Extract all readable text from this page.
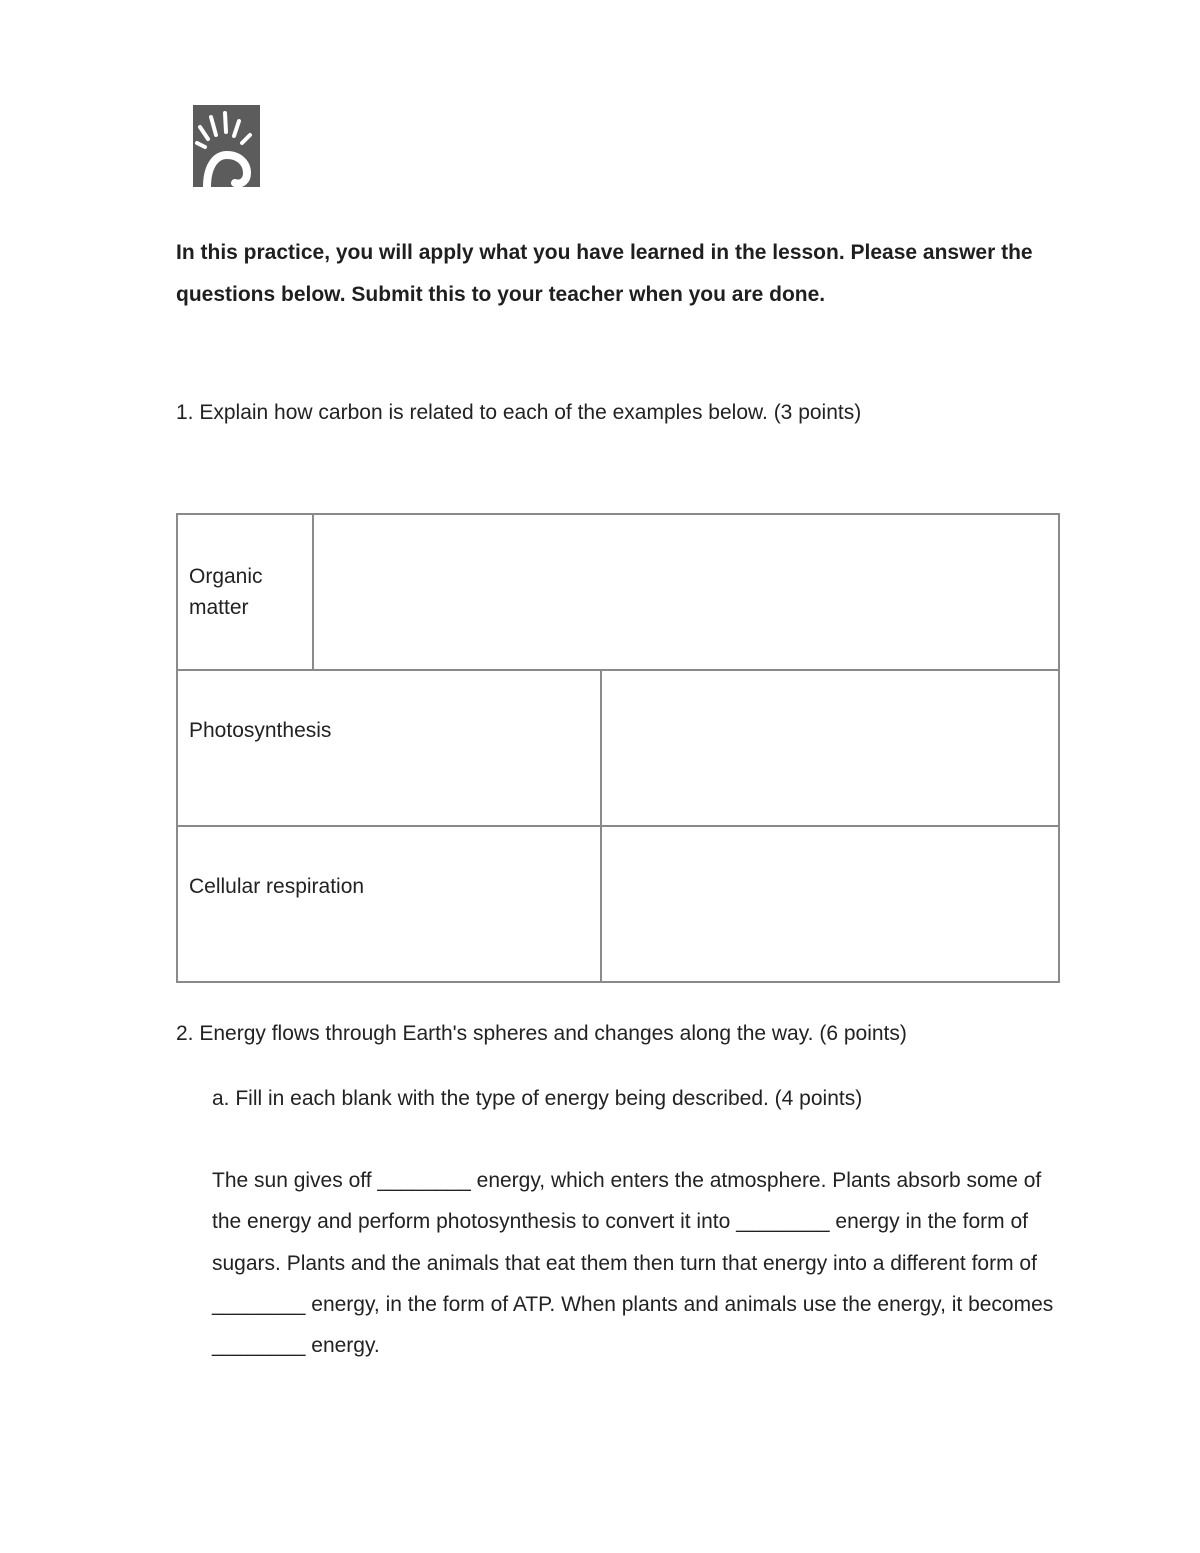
In this practice, you will apply what you have learned in the lesson. Please answer the questions below. Submit this to your teacher when you are done.
1. Explain how carbon is related to each of the examples below. (3 points)
Organic matter
Photosynthesis
Cellular respiration
2. Energy flows through Earth's spheres and changes along the way. (6 points)
a. Fill in each blank with the type of energy being described. (4 points)
The sun gives off ________ energy, which enters the atmosphere. Plants absorb some of the energy and perform photosynthesis to convert it into ________ energy in the form of sugars. Plants and the animals that eat them then turn that energy into a different form of ________ energy, in the form of ATP. When plants and animals use the energy, it becomes ________ energy.
